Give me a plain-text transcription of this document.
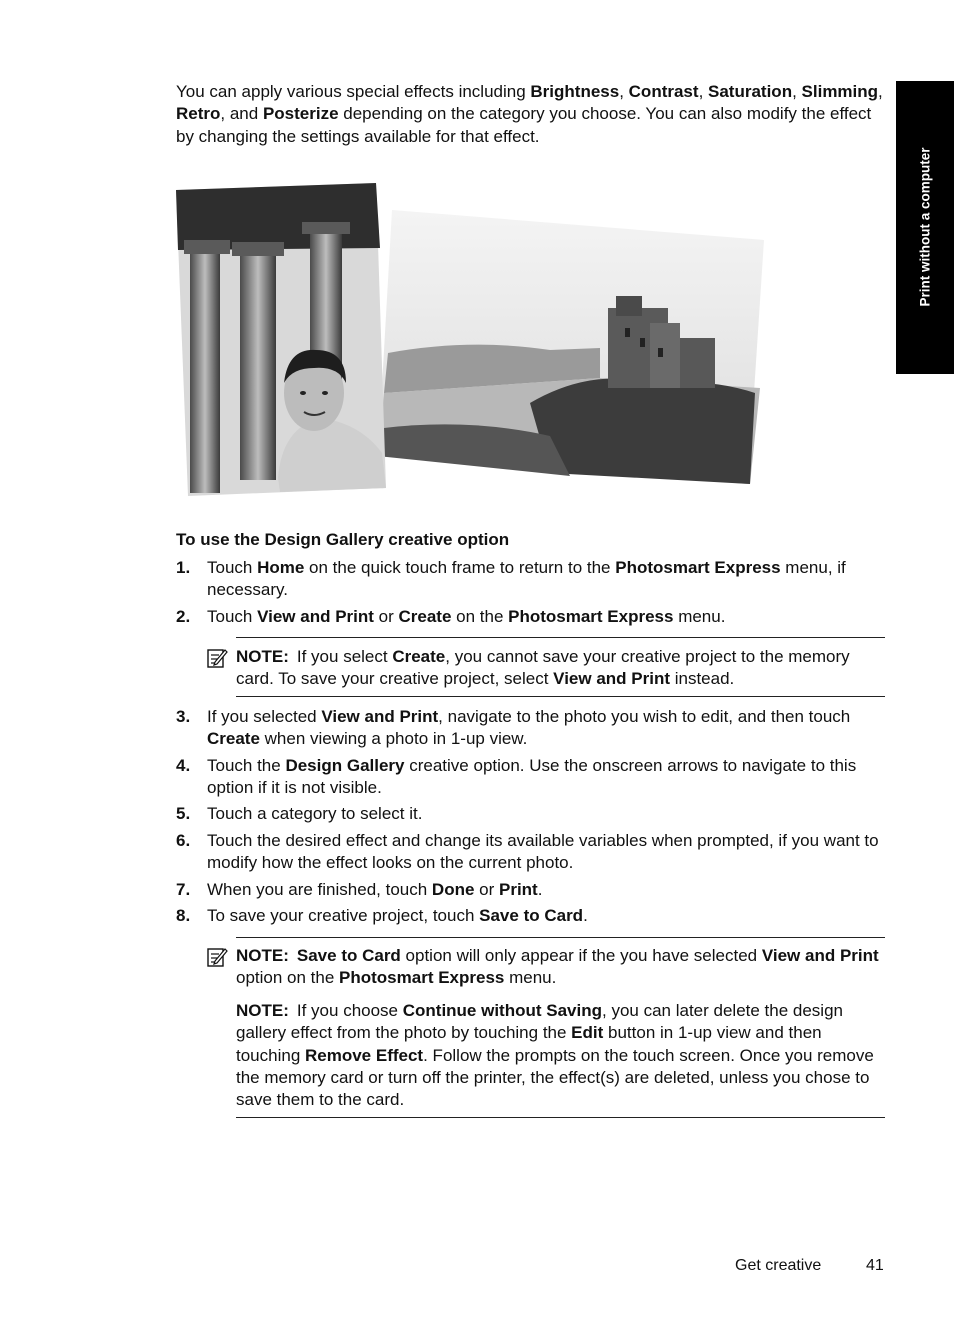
Print without a computer

You can apply various special effects including Brightness, Contrast, Saturation, Slimming, Retro, and Posterize depending on the category you choose. You can also modify the effect by changing the settings available for that effect.

To use the Design Gallery creative option

1. Touch Home on the quick touch frame to return to the Photosmart Express menu, if necessary.
2. Touch View and Print or Create on the Photosmart Express menu.
NOTE: If you select Create, you cannot save your creative project to the memory card. To save your creative project, select View and Print instead.
3. If you selected View and Print, navigate to the photo you wish to edit, and then touch Create when viewing a photo in 1-up view.
4. Touch the Design Gallery creative option. Use the onscreen arrows to navigate to this option if it is not visible.
5. Touch a category to select it.
6. Touch the desired effect and change its available variables when prompted, if you want to modify how the effect looks on the current photo.
7. When you are finished, touch Done or Print.
8. To save your creative project, touch Save to Card.
NOTE: Save to Card option will only appear if the you have selected View and Print option on the Photosmart Express menu.
NOTE: If you choose Continue without Saving, you can later delete the design gallery effect from the photo by touching the Edit button in 1-up view and then touching Remove Effect. Follow the prompts on the touch screen. Once you remove the memory card or turn off the printer, the effect(s) are deleted, unless you chose to save them to the card.
Get creative	41
